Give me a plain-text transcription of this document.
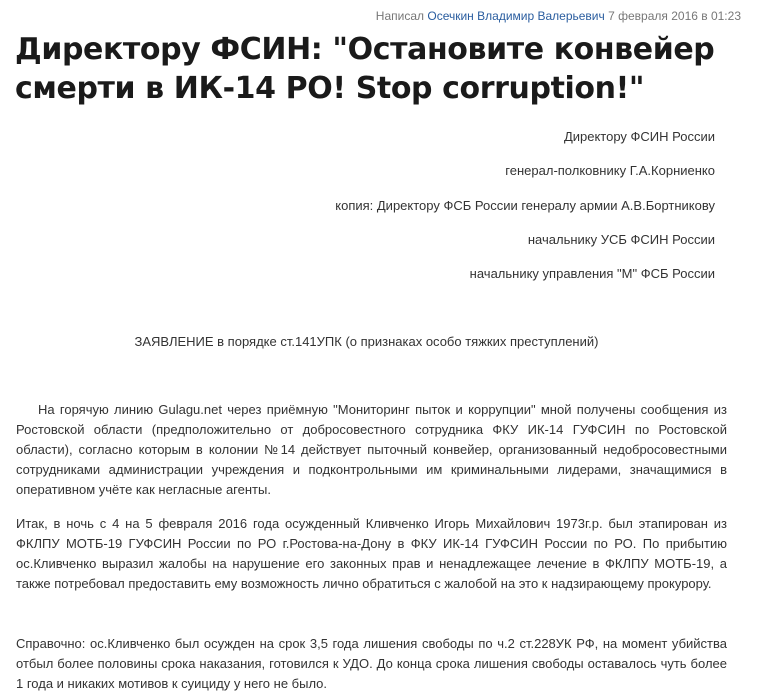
Написал Осечкин Владимир Валерьевич 7 февраля 2016 в 01:23
Директору ФСИН: "Остановите конвейер смерти в ИК-14 РО! Stop corruption!"
Директору ФСИН России
генерал-полковнику Г.А.Корниенко
копия: Директору ФСБ России генералу армии А.В.Бортникову
начальнику УСБ ФСИН России
начальнику управления "М" ФСБ России
ЗАЯВЛЕНИЕ в порядке ст.141УПК (о признаках особо тяжких преступлений)

На горячую линию Gulagu.net через приёмную "Мониторинг пыток и коррупции" мной получены сообщения из Ростовской области (предположительно от добросовестного сотрудника ФКУ ИК-14 ГУФСИН по Ростовской области), согласно которым в колонии №14 действует пыточный конвейер, организованный недобросовестными сотрудниками администрации учреждения и подконтрольными им криминальными лидерами, значащимися в оперативном учёте как негласные агенты.

Итак, в ночь с 4 на 5 февраля 2016 года осужденный Кливченко Игорь Михайлович 1973г.р. был этапирован из ФКЛПУ МОТБ-19 ГУФСИН России по РО г.Ростова-на-Дону в ФКУ ИК-14 ГУФСИН России по РО. По прибытию ос.Кливченко выразил жалобы на нарушение его законных прав и ненадлежащее лечение в ФКЛПУ МОТБ-19, а также потребовал предоставить ему возможность лично обратиться с жалобой на это к надзирающему прокурору.

Справочно: ос.Кливченко был осужден на срок 3,5 года лишения свободы по ч.2 ст.228УК РФ, на момент убийства отбыл более половины срока наказания, готовился к УДО. До конца срока лишения свободы оставалось чуть более 1 года и никаких мотивов к суициду у него не было.
